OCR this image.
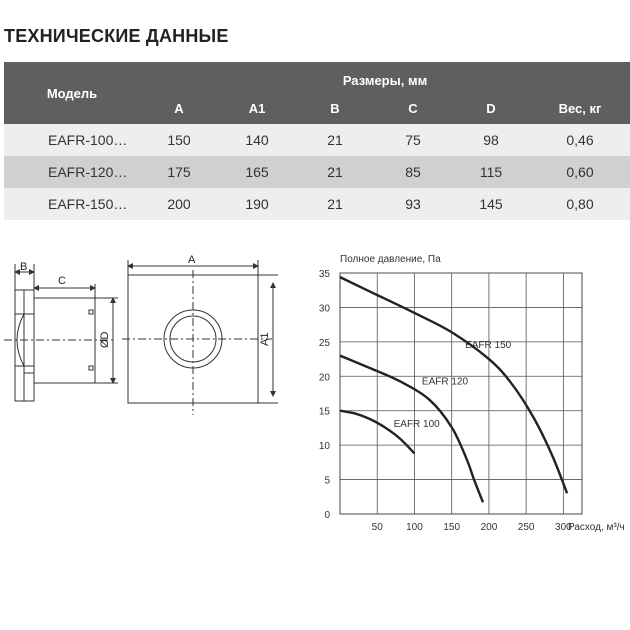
ТЕХНИЧЕСКИЕ ДАННЫЕ
Модель	Размеры, мм					
	A	A1	B	C	D	Вес, кг
EAFR-100…	150	140	21	75	98	0,46
EAFR-120…	175	165	21	85	115	0,60
EAFR-150…	200	190	21	93	145	0,80
B
C
ØD
A
A1
Полное давление, Па
Расход, м³/ч
0
5
10
15
20
25
30
35
50 100 150 200 250 300
EAFR 100
EAFR 120
EAFR 150
